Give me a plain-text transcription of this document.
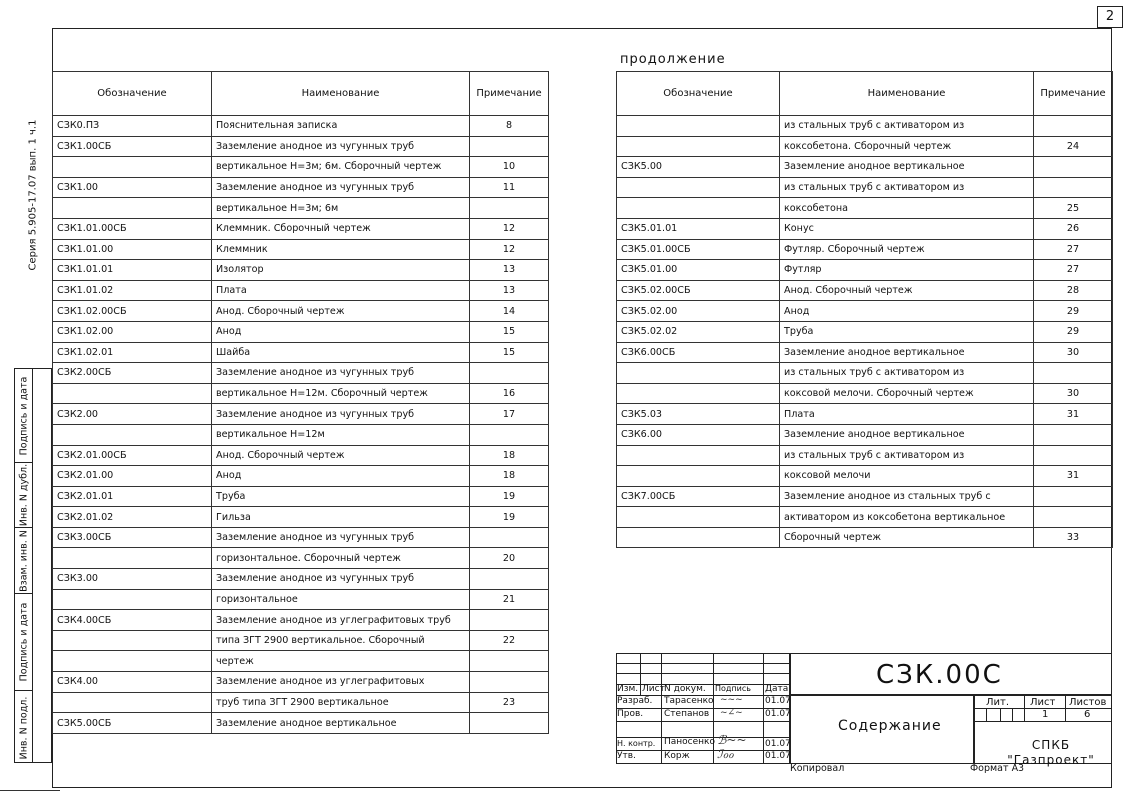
2
Серия 5.905-17.07 вып. 1 ч.1
Инв. N подл.
Подпись и дата
Взам. инв. N
Инв. N дубл.
Подпись и дата
продолжение
Обозначение	Наименование	Примечание
СЗК0.ПЗ	Пояснительная записка	8
СЗК1.00СБ	Заземление анодное из чугунных труб	
	вертикальное Н=3м; 6м. Сборочный чертеж	10
СЗК1.00	Заземление анодное из чугунных труб	11
	вертикальное Н=3м; 6м	
СЗК1.01.00СБ	Клеммник. Сборочный чертеж	12
СЗК1.01.00	Клеммник	12
СЗК1.01.01	Изолятор	13
СЗК1.01.02	Плата	13
СЗК1.02.00СБ	Анод. Сборочный чертеж	14
СЗК1.02.00	Анод	15
СЗК1.02.01	Шайба	15
СЗК2.00СБ	Заземление анодное из чугунных труб	
	вертикальное Н=12м. Сборочный чертеж	16
СЗК2.00	Заземление анодное из чугунных труб	17
	вертикальное Н=12м	
СЗК2.01.00СБ	Анод. Сборочный чертеж	18
СЗК2.01.00	Анод	18
СЗК2.01.01	Труба	19
СЗК2.01.02	Гильза	19
СЗК3.00СБ	Заземление анодное из чугунных труб	
	горизонтальное. Сборочный чертеж	20
СЗК3.00	Заземление анодное из чугунных труб	
	горизонтальное	21
СЗК4.00СБ	Заземление анодное из углеграфитовых труб	
	типа ЗГТ 2900 вертикальное. Сборочный	22
	чертеж	
СЗК4.00	Заземление анодное из углеграфитовых	
	труб типа ЗГТ 2900 вертикальное	23
СЗК5.00СБ	Заземление анодное вертикальное	
Обозначение	Наименование	Примечание
	из стальных труб с активатором из	
	коксобетона. Сборочный чертеж	24
СЗК5.00	Заземление анодное вертикальное	
	из стальных труб с активатором из	
	коксобетона	25
СЗК5.01.01	Конус	26
СЗК5.01.00СБ	Футляр. Сборочный чертеж	27
СЗК5.01.00	Футляр	27
СЗК5.02.00СБ	Анод. Сборочный чертеж	28
СЗК5.02.00	Анод	29
СЗК5.02.02	Труба	29
СЗК6.00СБ	Заземление анодное вертикальное	30
	из стальных труб с активатором из	
	коксовой мелочи. Сборочный чертеж	30
СЗК5.03	Плата	31
СЗК6.00	Заземление анодное вертикальное	
	из стальных труб с активатором из	
	коксовой мелочи	31
СЗК7.00СБ	Заземление анодное из стальных труб с	
	активатором из коксобетона вертикальное	
	Сборочный чертеж	33
Изм. Лист N докум. Подпись Дата
Разраб. Тарасенко	01.07
Пров. Степанов	01.07
Н. контр. Паносенко	01.07
Утв.	Корж	01.07
~~~
~∠~
ℬ~~
ℐℴℴ
Лит. Лист Листов
1	6
СЗК.00С
Содержание
СПКБ
"Газпроект"
Копировал	Формат А3
